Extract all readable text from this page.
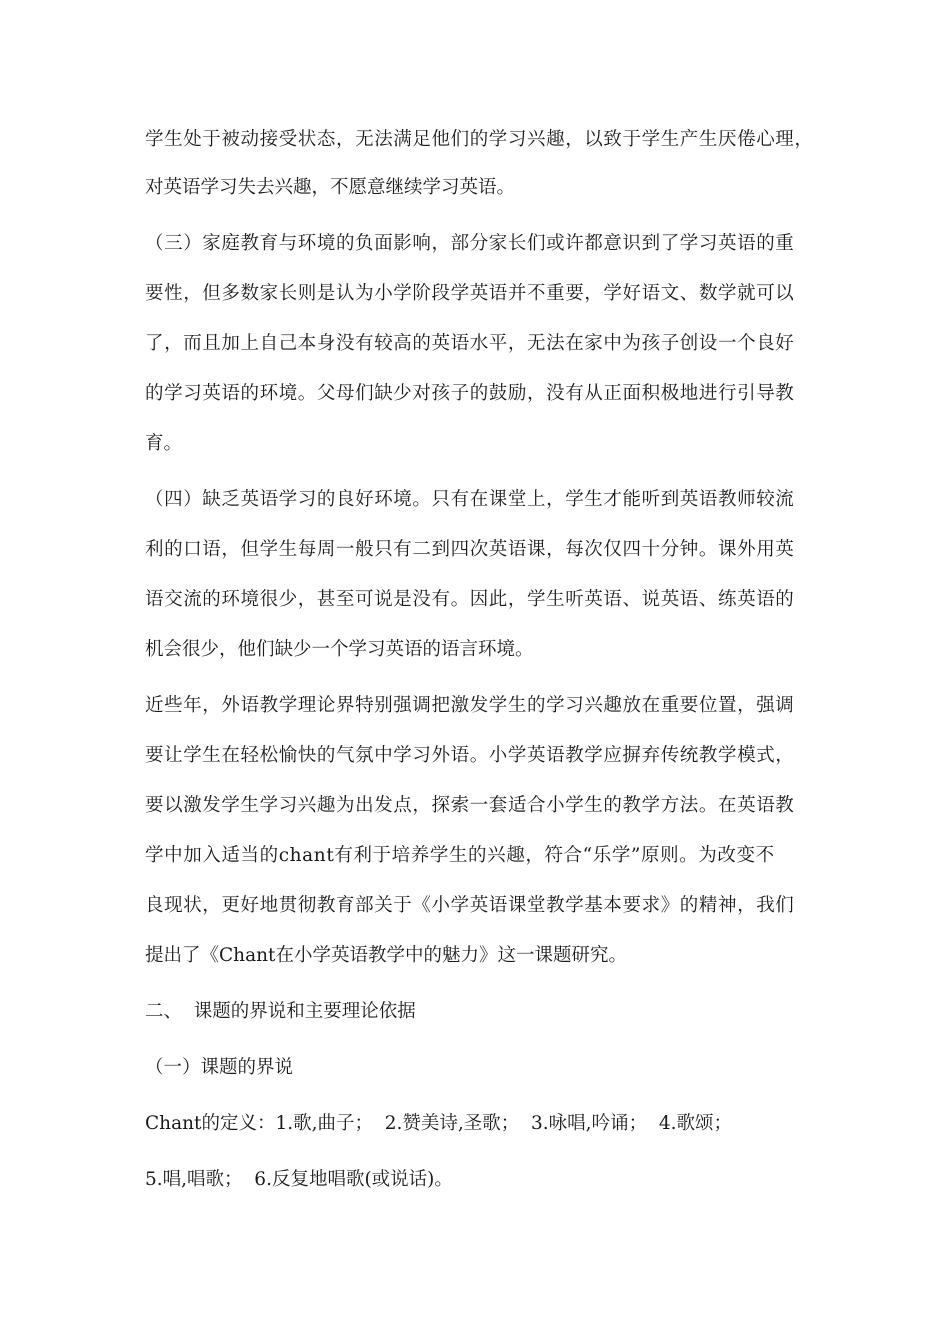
学生处于被动接受状态，无法满足他们的学习兴趣，以致于学生产生厌倦心理，
对英语学习失去兴趣，不愿意继续学习英语。
（三）家庭教育与环境的负面影响，部分家长们或许都意识到了学习英语的重
要性，但多数家长则是认为小学阶段学英语并不重要，学好语文、数学就可以
了，而且加上自己本身没有较高的英语水平，无法在家中为孩子创设一个良好
的学习英语的环境。父母们缺少对孩子的鼓励，没有从正面积极地进行引导教
育。
（四）缺乏英语学习的良好环境。只有在课堂上，学生才能听到英语教师较流
利的口语，但学生每周一般只有二到四次英语课，每次仅四十分钟。课外用英
语交流的环境很少，甚至可说是没有。因此，学生听英语、说英语、练英语的
机会很少，他们缺少一个学习英语的语言环境。
近些年，外语教学理论界特别强调把激发学生的学习兴趣放在重要位置，强调
要让学生在轻松愉快的气氛中学习外语。小学英语教学应摒弃传统教学模式，
要以激发学生学习兴趣为出发点，探索一套适合小学生的教学方法。在英语教
学中加入适当的chant有利于培养学生的兴趣，符合“乐学”原则。为改变不
良现状，更好地贯彻教育部关于《小学英语课堂教学基本要求》的精神，我们
提出了《Chant在小学英语教学中的魅力》这一课题研究。
二、  课题的界说和主要理论依据
（一）课题的界说
Chant的定义：1.歌,曲子；  2.赞美诗,圣歌；  3.咏唱,吟诵；  4.歌颂；
5.唱,唱歌；  6.反复地唱歌(或说话)。
